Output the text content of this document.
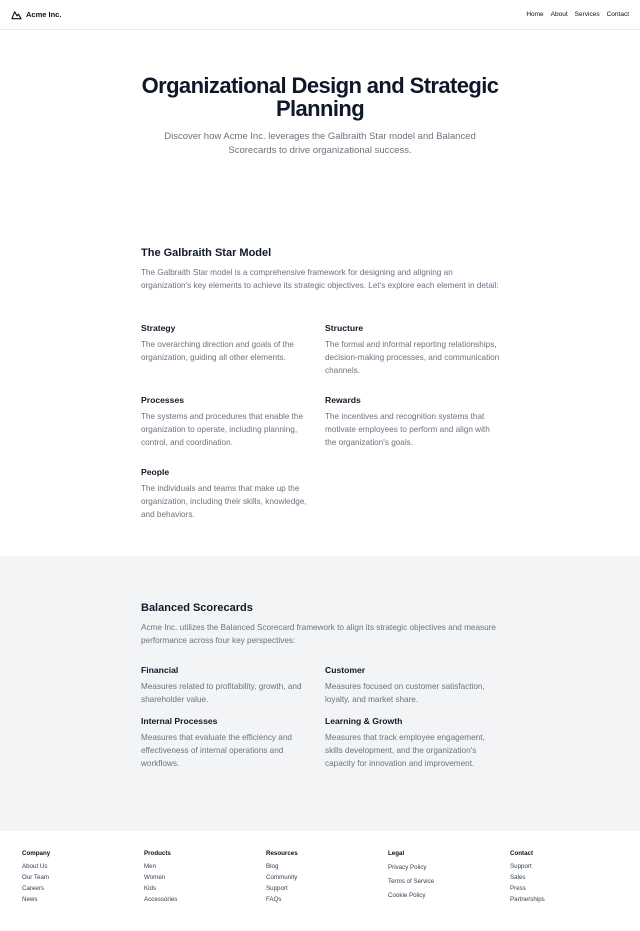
Acme Inc.	Home About Services Contact
Organizational Design and Strategic Planning

Discover how Acme Inc. leverages the Galbraith Star model and Balanced Scorecards to drive organizational success.

The Galbraith Star Model

The Galbraith Star model is a comprehensive framework for designing and aligning an organization's key elements to achieve its strategic objectives. Let's explore each element in detail:

Strategy

The overarching direction and goals of the organization, guiding all other elements.

Structure

The formal and informal reporting relationships, decision-making processes, and communication channels.

Processes

The systems and procedures that enable the organization to operate, including planning, control, and coordination.

Rewards

The incentives and recognition systems that motivate employees to perform and align with the organization's goals.

People

The individuals and teams that make up the organization, including their skills, knowledge, and behaviors.

Balanced Scorecards

Acme Inc. utilizes the Balanced Scorecard framework to align its strategic objectives and measure performance across four key perspectives:

Financial

Measures related to profitability, growth, and shareholder value.

Customer

Measures focused on customer satisfaction, loyalty, and market share.

Internal Processes

Measures that evaluate the efficiency and effectiveness of internal operations and workflows.

Learning & Growth

Measures that track employee engagement, skills development, and the organization's capacity for innovation and improvement.

Company
About Us
Our Team
Careers
News
Products
Men
Women
Kids
Accessories
Resources
Blog
Community
Support
FAQs
Legal
Privacy Policy
Terms of Service
Cookie Policy
Contact
Support
Sales
Press
Partnerships
